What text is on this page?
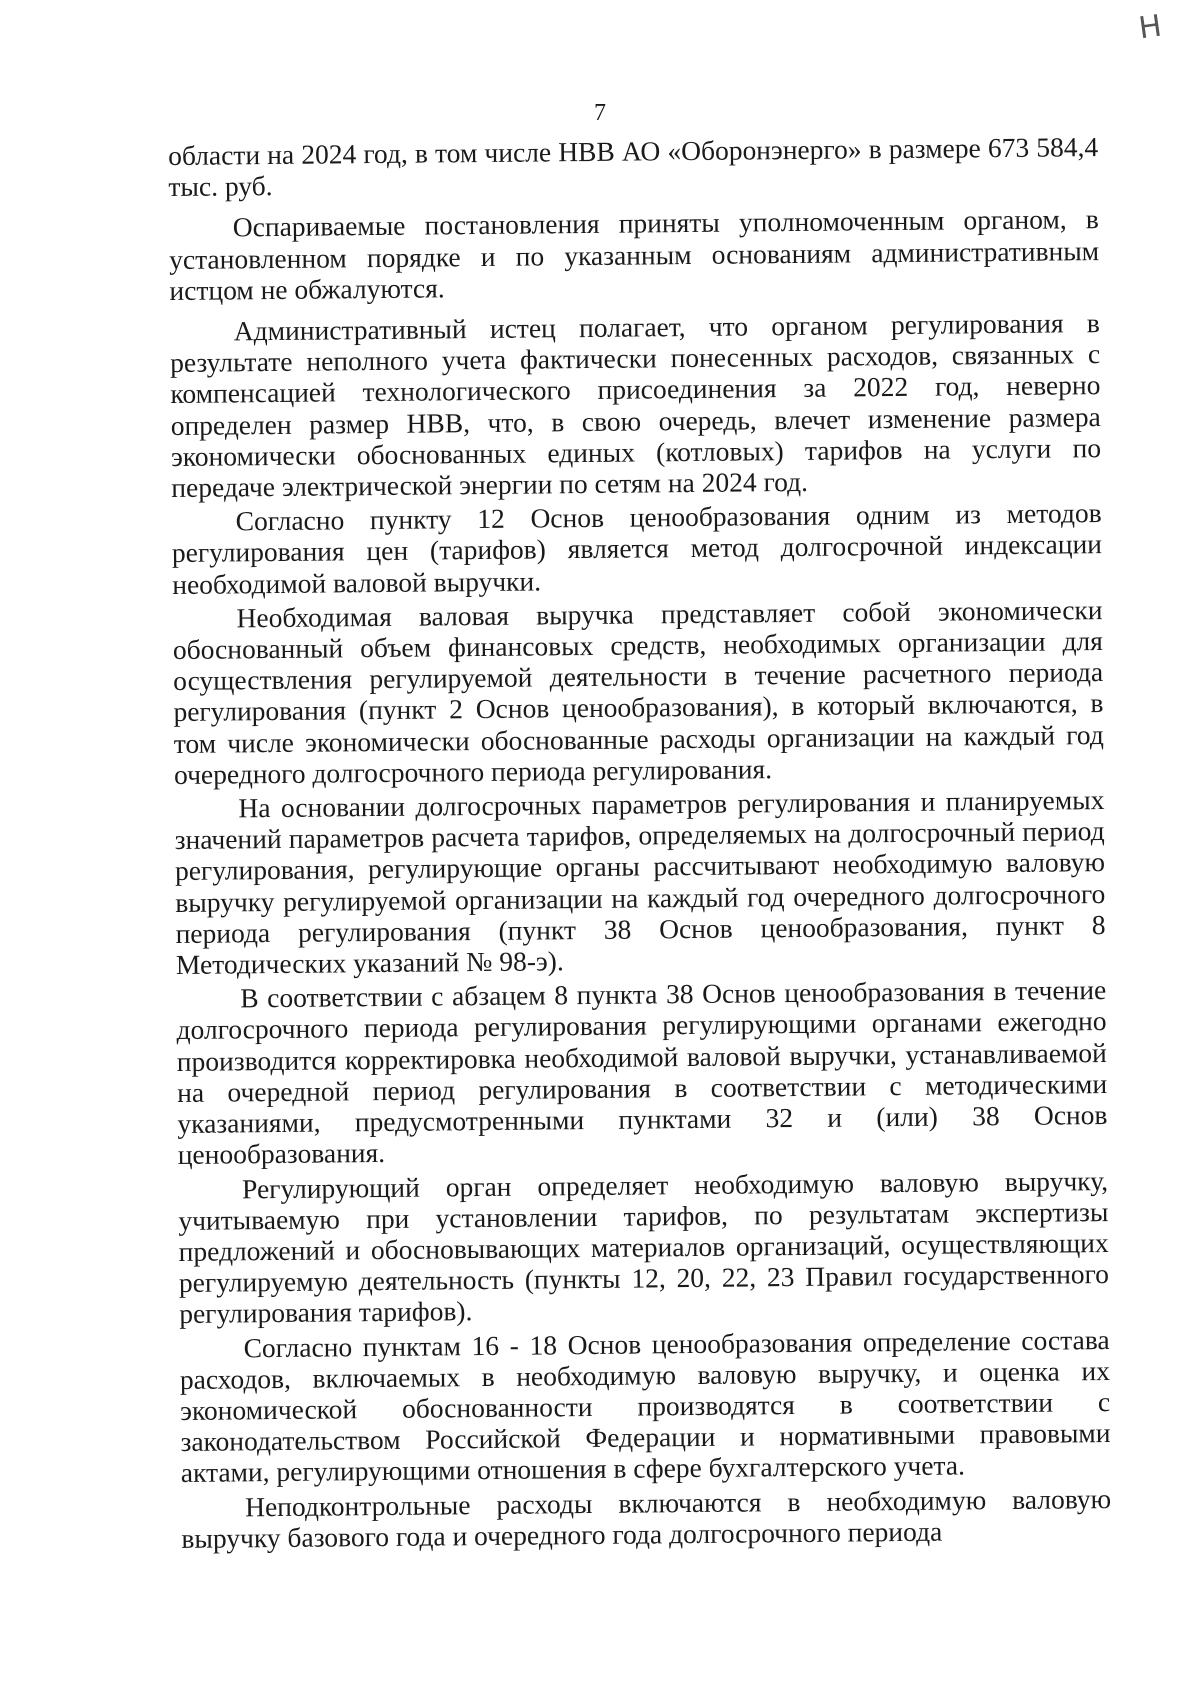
Н
7

области на 2024 год, в том числе НВВ АО «Оборонэнерго» в размере 673 584,4 тыс. руб.

Оспариваемые постановления приняты уполномоченным органом, в установленном порядке и по указанным основаниям административным истцом не обжалуются.

Административный истец полагает, что органом регулирования в результате неполного учета фактически понесенных расходов, связанных с компенсацией технологического присоединения за 2022 год, неверно определен размер НВВ, что, в свою очередь, влечет изменение размера экономически обоснованных единых (котловых) тарифов на услуги по передаче электрической энергии по сетям на 2024 год.

Согласно пункту 12 Основ ценообразования одним из методов регулирования цен (тарифов) является метод долгосрочной индексации необходимой валовой выручки.

Необходимая валовая выручка представляет собой экономически обоснованный объем финансовых средств, необходимых организации для осуществления регулируемой деятельности в течение расчетного периода регулирования (пункт 2 Основ ценообразования), в который включаются, в том числе экономически обоснованные расходы организации на каждый год очередного долгосрочного периода регулирования.

На основании долгосрочных параметров регулирования и планируемых значений параметров расчета тарифов, определяемых на долгосрочный период регулирования, регулирующие органы рассчитывают необходимую валовую выручку регулируемой организации на каждый год очередного долгосрочного периода регулирования (пункт 38 Основ ценообразования, пункт 8 Методических указаний № 98-э).

В соответствии с абзацем 8 пункта 38 Основ ценообразования в течение долгосрочного периода регулирования регулирующими органами ежегодно производится корректировка необходимой валовой выручки, устанавливаемой на очередной период регулирования в соответствии с методическими указаниями, предусмотренными пунктами 32 и (или) 38 Основ ценообразования.

Регулирующий орган определяет необходимую валовую выручку, учитываемую при установлении тарифов, по результатам экспертизы предложений и обосновывающих материалов организаций, осуществляющих регулируемую деятельность (пункты 12, 20, 22, 23 Правил государственного регулирования тарифов).

Согласно пунктам 16 - 18 Основ ценообразования определение состава расходов, включаемых в необходимую валовую выручку, и оценка их экономической обоснованности производятся в соответствии с законодательством Российской Федерации и нормативными правовыми актами, регулирующими отношения в сфере бухгалтерского учета.

Неподконтрольные расходы включаются в необходимую валовую выручку базового года и очередного года долгосрочного периода
